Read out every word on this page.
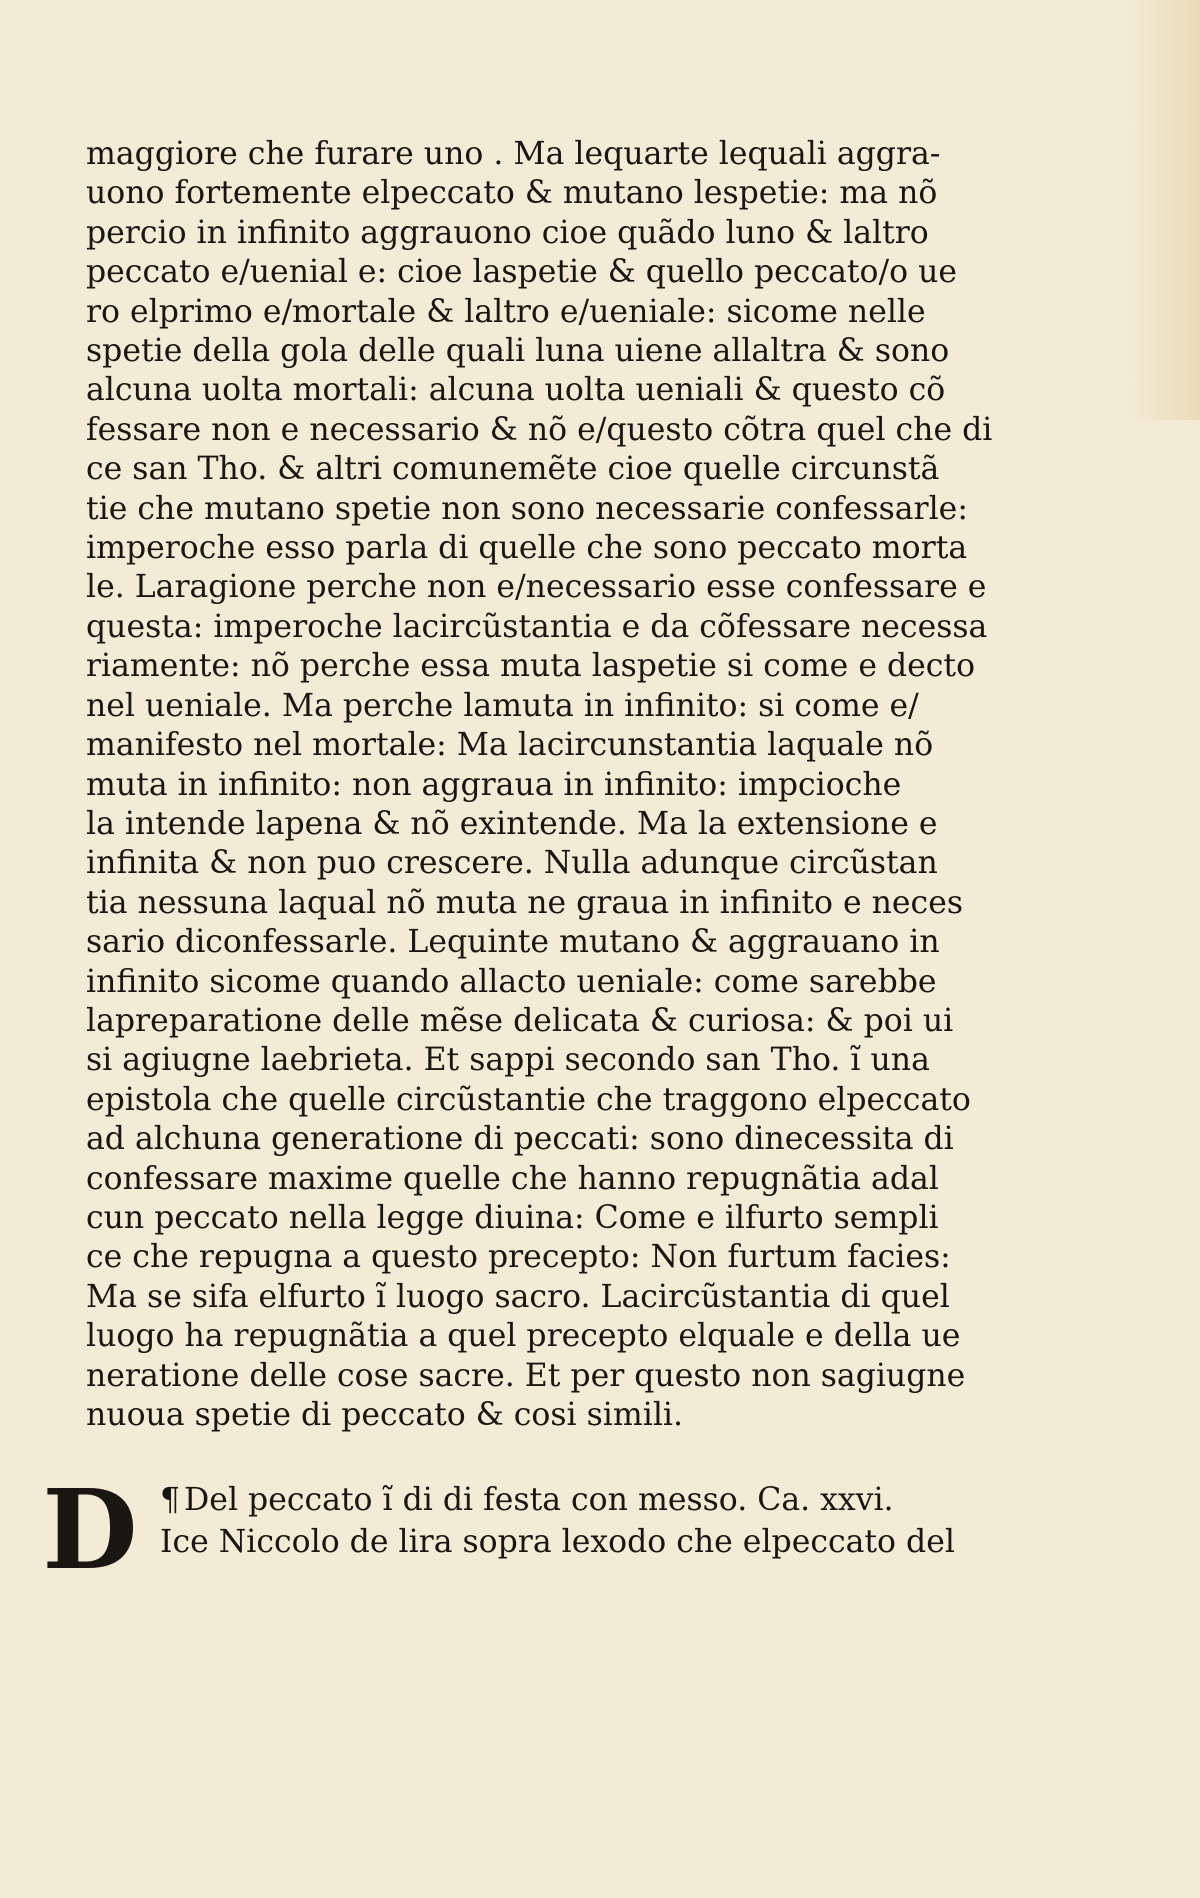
maggiore che furare uno . Ma lequarte lequali aggra-
uono fortemente elpeccato & mutano lespetie: ma nõ
percio in infinito aggrauono cioe quãdo luno & laltro
peccato e/uenial e: cioe laspetie & quello peccato/o ue
ro elprimo e/mortale & laltro e/ueniale: sicome nelle
spetie della gola delle quali luna uiene allaltra & sono
alcuna uolta mortali: alcuna uolta ueniali & questo cõ
fessare non e necessario & nõ e/questo cõtra quel che di
ce san Tho. & altri comunemẽte cioe quelle circunstã
tie che mutano spetie non sono necessarie confessarle:
imperoche esso parla di quelle che sono peccato morta
le. Laragione perche non e/necessario esse confessare e
questa: imperoche lacircũstantia e da cõfessare necessa
riamente: nõ perche essa muta laspetie si come e decto
nel ueniale. Ma perche lamuta in infinito: si come e/
manifesto nel mortale: Ma lacircunstantia laquale nõ
muta in infinito: non aggraua in infinito: impcioche
la intende lapena & nõ exintende. Ma la extensione e
infinita & non puo crescere. Nulla adunque circũstan
tia nessuna laqual nõ muta ne graua in infinito e neces
sario diconfessarle. Lequinte mutano & aggrauano in
infinito sicome quando allacto ueniale: come sarebbe
lapreparatione delle mẽse delicata & curiosa: & poi ui
si agiugne laebrieta. Et sappi secondo san Tho. ĩ una
epistola che quelle circũstantie che traggono elpeccato
ad alchuna generatione di peccati: sono dinecessita di
confessare maxime quelle che hanno repugnãtia adal
cun peccato nella legge diuina: Come e ilfurto sempli
ce che repugna a questo precepto: Non furtum facies:
Ma se sifa elfurto ĩ luogo sacro. Lacircũstantia di quel
luogo ha repugnãtia a quel precepto elquale e della ue
neratione delle cose sacre. Et per questo non sagiugne
nuoua spetie di peccato & cosi simili.
D ¶ Del peccato ĩ di di festa con messo. Ca. xxvi.
Ice Niccolo de lira sopra lexodo che elpeccato del
